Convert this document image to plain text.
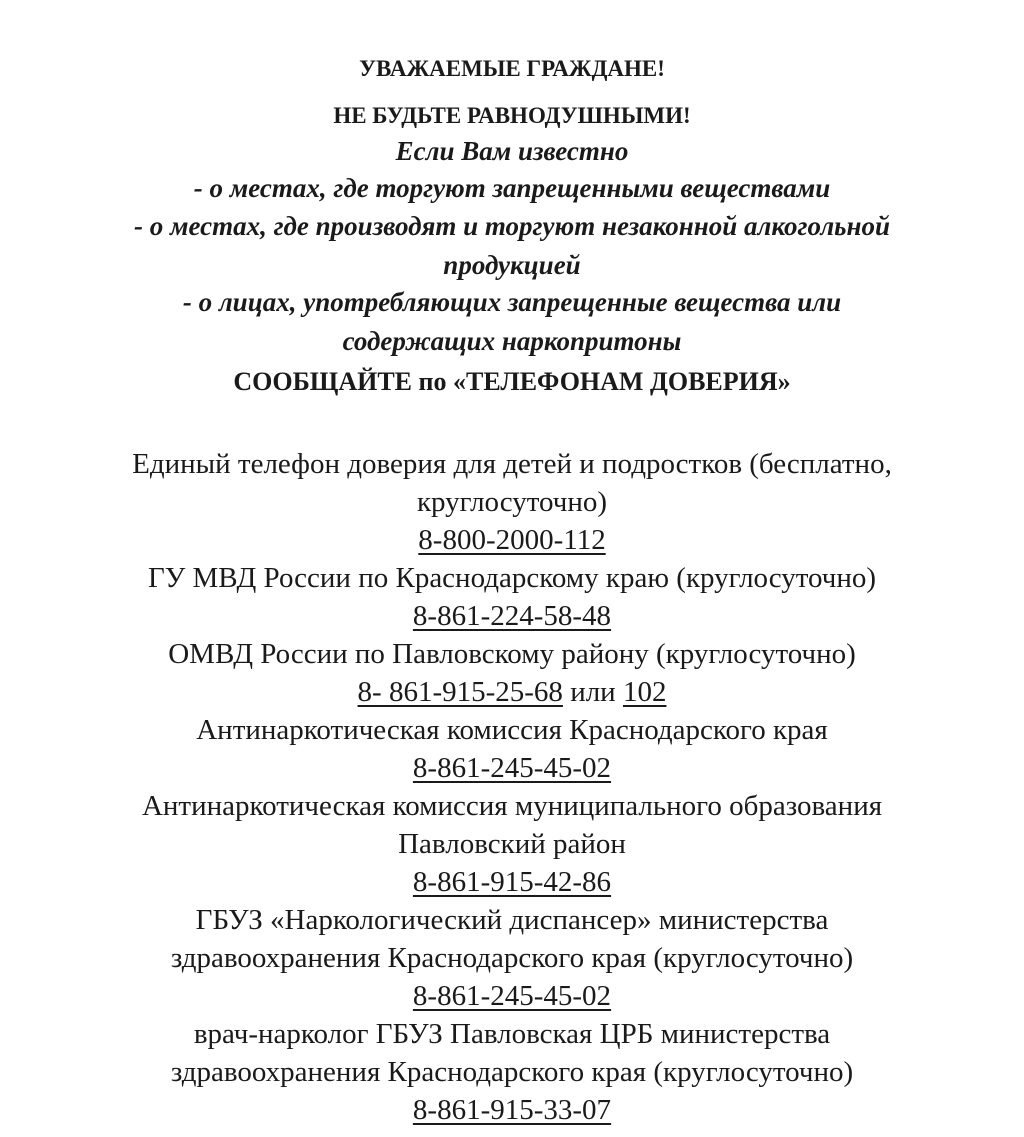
УВАЖАЕМЫЕ ГРАЖДАНЕ!
НЕ БУДЬТЕ РАВНОДУШНЫМИ!
Если Вам известно
- о местах, где торгуют запрещенными веществами
- о местах, где производят и торгуют незаконной алкогольной
продукцией
- о лицах, употребляющих запрещенные вещества или
содержащих наркопритоны
СООБЩАЙТЕ по «ТЕЛЕФОНАМ ДОВЕРИЯ»
Единый телефон доверия для детей и подростков (бесплатно,
круглосуточно)
8-800-2000-112
ГУ МВД России по Краснодарскому краю (круглосуточно)
8-861-224-58-48
ОМВД России по Павловскому району (круглосуточно)
8- 861-915-25-68 или 102
Антинаркотическая комиссия Краснодарского края
8-861-245-45-02
Антинаркотическая комиссия муниципального образования
Павловский район
8-861-915-42-86
ГБУЗ «Наркологический диспансер» министерства
здравоохранения Краснодарского края (круглосуточно)
8-861-245-45-02
врач-нарколог ГБУЗ Павловская ЦРБ министерства
здравоохранения Краснодарского края (круглосуточно)
8-861-915-33-07
